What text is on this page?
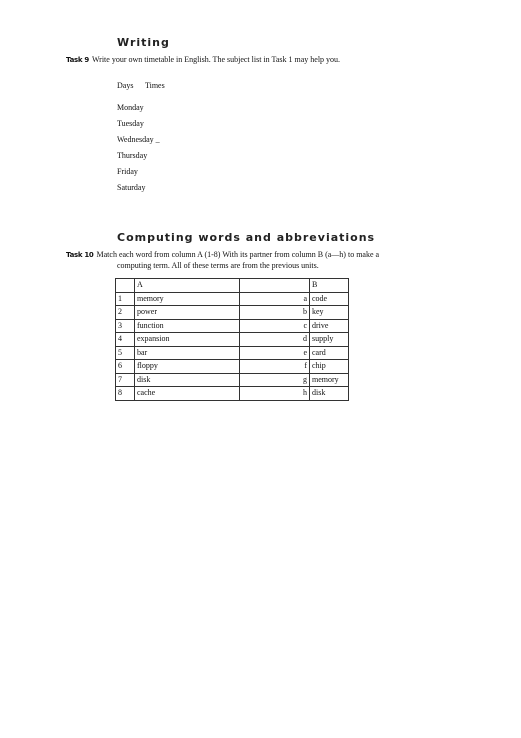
Writing
Task 9 Write your own timetable in English. The subject list in Task 1 may help you.
Days Times
Monday
Tuesday
Wednesday _
Thursday
Friday
Saturday
Computing words and abbreviations
Task 10 Match each word from column A (1-8) With its partner from column B (a—h) to make a
computing term. All of these terms are from the previous units.
	A		B
1	memory	a	code
2	power	b	key
3	function	c	drive
4	expansion	d	supply
5	bar	e	card
6	floppy	f	chip
7	disk	g	memory
8	cache	h	disk
